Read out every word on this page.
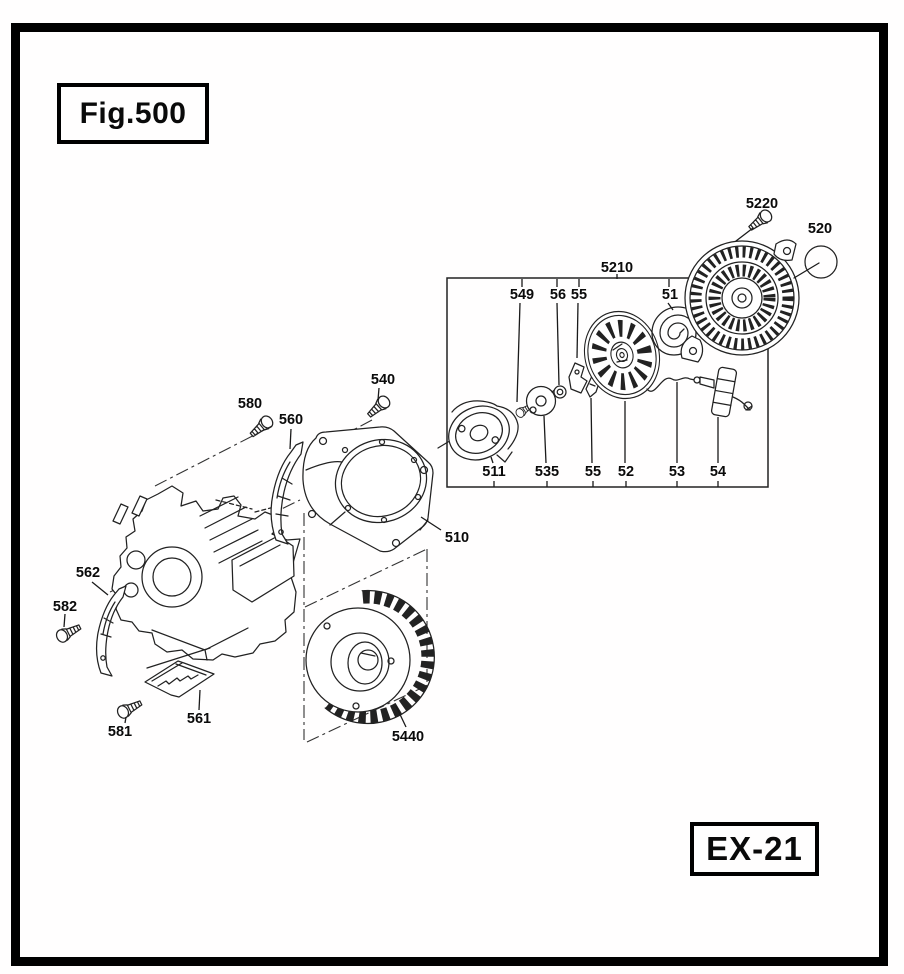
Fig.500
EX-21
5220
520
5210
549 56 55	51
511 535 55 52 53 54
540
580
560
510
562
582
581
561
5440
